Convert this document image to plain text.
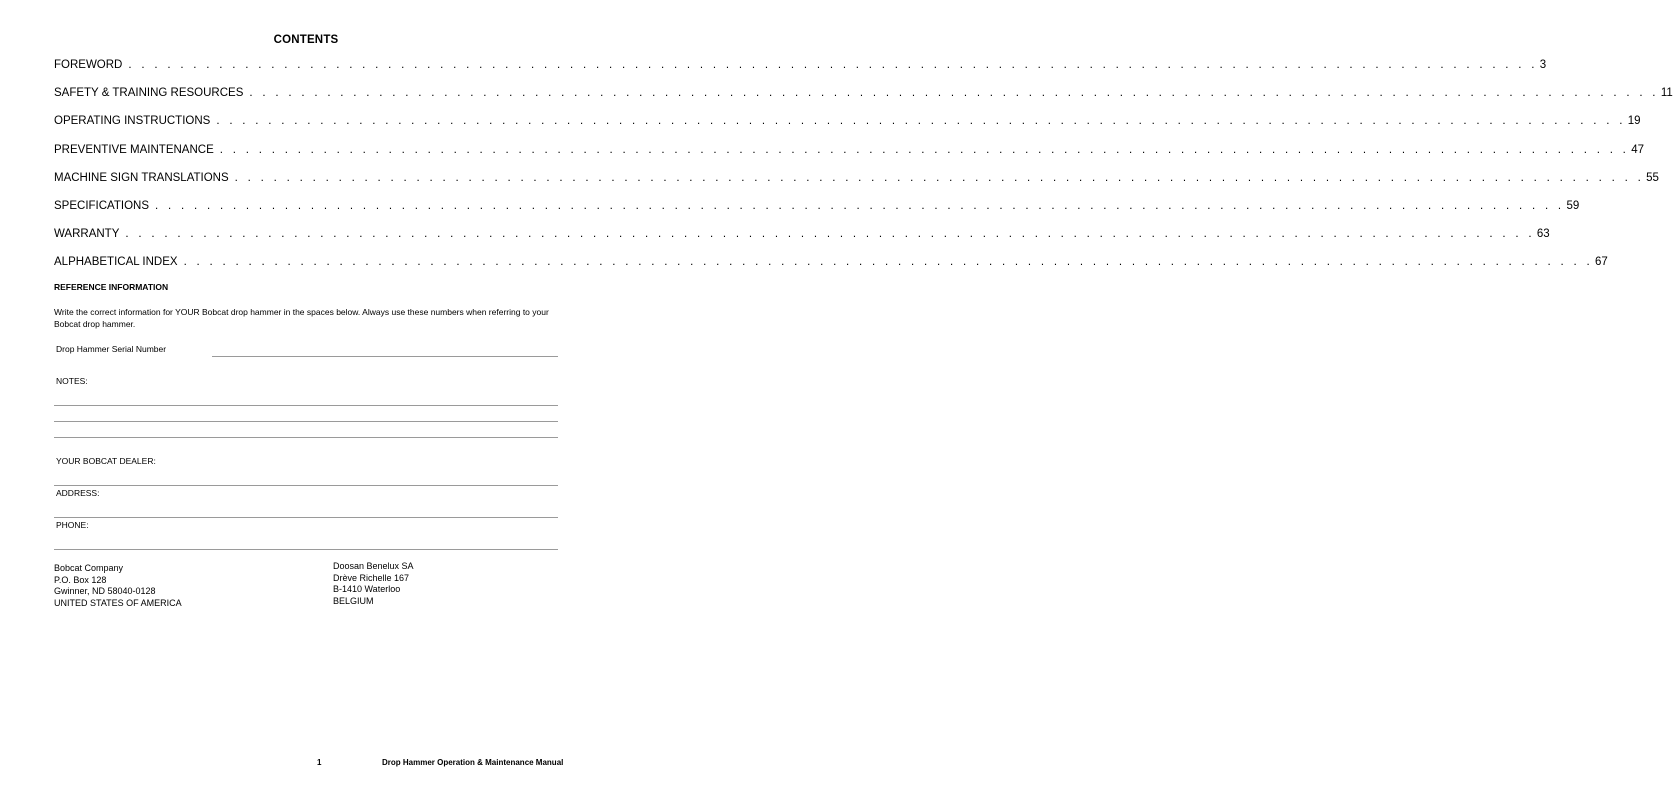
CONTENTS
FOREWORD . . . . . . . . . . . . . . . . . . . . . . . . . . . . . . . . . . . . . . . . . . . . . . . . . . . . . . . . . . . . . . . . . . . . . . . . . . . . . . . . . . . . . . . . . . . . . . . . . . . . . . . . . . . . . 3
SAFETY & TRAINING RESOURCES . . . . . . . . . . . . . . . . . . . . . . . . . . . . . . . . . . . . . . . . . . . . . . . . . . . . . . . . . . . . . . . . . . . . . . . . . . . . . . . . . . . . . . . . . . . . . . . . . . . . . . . . . . . . . 11
OPERATING INSTRUCTIONS . . . . . . . . . . . . . . . . . . . . . . . . . . . . . . . . . . . . . . . . . . . . . . . . . . . . . . . . . . . . . . . . . . . . . . . . . . . . . . . . . . . . . . . . . . . . . . . . . . . . . . . . . . . . . 19
PREVENTIVE MAINTENANCE . . . . . . . . . . . . . . . . . . . . . . . . . . . . . . . . . . . . . . . . . . . . . . . . . . . . . . . . . . . . . . . . . . . . . . . . . . . . . . . . . . . . . . . . . . . . . . . . . . . . . . . . . . . . . 47
MACHINE SIGN TRANSLATIONS . . . . . . . . . . . . . . . . . . . . . . . . . . . . . . . . . . . . . . . . . . . . . . . . . . . . . . . . . . . . . . . . . . . . . . . . . . . . . . . . . . . . . . . . . . . . . . . . . . . . . . . . . . . . . 55
SPECIFICATIONS . . . . . . . . . . . . . . . . . . . . . . . . . . . . . . . . . . . . . . . . . . . . . . . . . . . . . . . . . . . . . . . . . . . . . . . . . . . . . . . . . . . . . . . . . . . . . . . . . . . . . . . . . . . . . 59
WARRANTY . . . . . . . . . . . . . . . . . . . . . . . . . . . . . . . . . . . . . . . . . . . . . . . . . . . . . . . . . . . . . . . . . . . . . . . . . . . . . . . . . . . . . . . . . . . . . . . . . . . . . . . . . . . . . 63
ALPHABETICAL INDEX . . . . . . . . . . . . . . . . . . . . . . . . . . . . . . . . . . . . . . . . . . . . . . . . . . . . . . . . . . . . . . . . . . . . . . . . . . . . . . . . . . . . . . . . . . . . . . . . . . . . . . . . . . . . . 67
REFERENCE INFORMATION
Write the correct information for YOUR Bobcat drop hammer in the spaces below. Always use these numbers when referring to your Bobcat drop hammer.
Drop Hammer Serial Number
NOTES:
YOUR BOBCAT DEALER:
ADDRESS:
PHONE:
Bobcat Company
P.O. Box 128
Gwinner, ND 58040-0128
UNITED STATES OF AMERICA
Doosan Benelux SA
Drève Richelle 167
B-1410 Waterloo
BELGIUM
1	Drop Hammer Operation & Maintenance Manual
